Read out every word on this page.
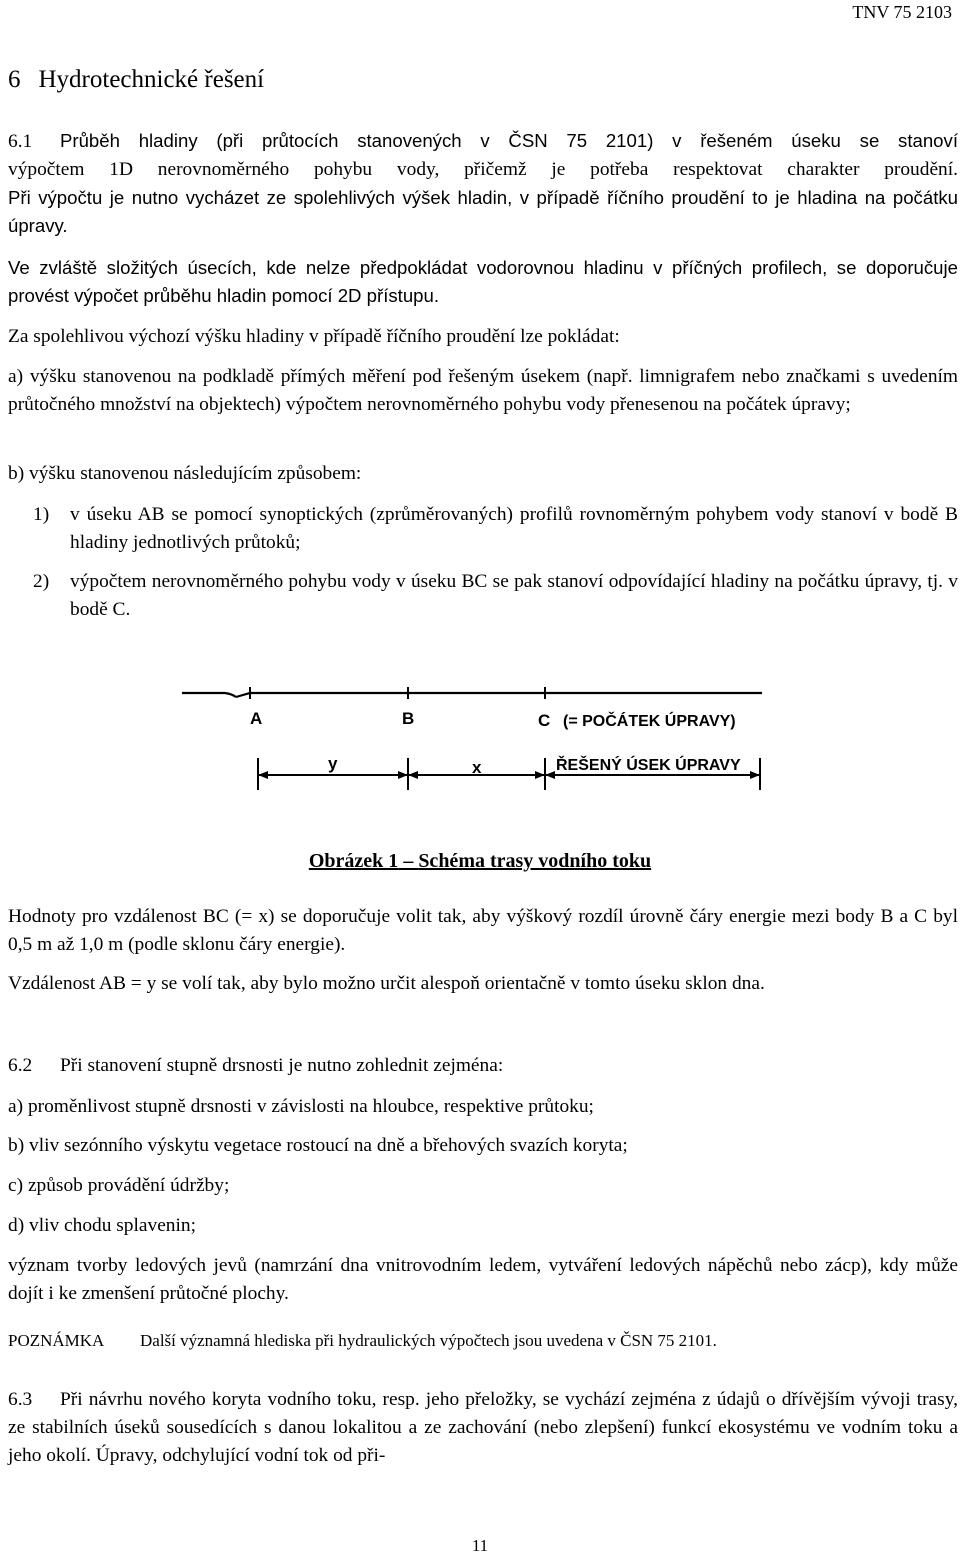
TNV 75 2103
6 Hydrotechnické řešení

6.1 Průběh hladiny (při průtocích stanovených v ČSN 75 2101) v řešeném úseku se stanoví

výpočtem 1D nerovnoměrného pohybu vody, přičemž je potřeba respektovat charakter proudění.

Při výpočtu je nutno vycházet ze spolehlivých výšek hladin, v případě říčního proudění to je hladina na počátku úpravy.

Ve zvláště složitých úsecích, kde nelze předpokládat vodorovnou hladinu v příčných profilech, se doporučuje provést výpočet průběhu hladin pomocí 2D přístupu.

Za spolehlivou výchozí výšku hladiny v případě říčního proudění lze pokládat:

a) výšku stanovenou na podkladě přímých měření pod řešeným úsekem (např. limnigrafem nebo značkami s uvedením průtočného množství na objektech) výpočtem nerovnoměrného pohybu vody přenesenou na počátek úpravy;

b) výšku stanovenou následujícím způsobem:

1)	v úseku AB se pomocí synoptických (zprůměrovaných) profilů rovnoměrným pohybem vody stanoví v bodě B hladiny jednotlivých průtoků;

2)	výpočtem nerovnoměrného pohybu vody v úseku BC se pak stanoví odpovídající hladiny na počátku úpravy, tj. v bodě C.

A	B	C (= POČÁTEK ÚPRAVY)
y	x	ŘEŠENÝ ÚSEK ÚPRAVY
Obrázek 1 – Schéma trasy vodního toku

Hodnoty pro vzdálenost BC (= x) se doporučuje volit tak, aby výškový rozdíl úrovně čáry energie mezi body B a C byl 0,5 m až 1,0 m (podle sklonu čáry energie).

Vzdálenost AB = y se volí tak, aby bylo možno určit alespoň orientačně v tomto úseku sklon dna.

6.2 Při stanovení stupně drsnosti je nutno zohlednit zejména:

a) proměnlivost stupně drsnosti v závislosti na hloubce, respektive průtoku;

b) vliv sezónního výskytu vegetace rostoucí na dně a břehových svazích koryta;

c) způsob provádění údržby;

d) vliv chodu splavenin;

význam tvorby ledových jevů (namrzání dna vnitrovodním ledem, vytváření ledových nápěchů nebo zácp), kdy může dojít i ke zmenšení průtočné plochy.

POZNÁMKA Další významná hlediska při hydraulických výpočtech jsou uvedena v ČSN 75 2101.

6.3 Při návrhu nového koryta vodního toku, resp. jeho přeložky, se vychází zejména z údajů o dřívějším vývoji trasy, ze stabilních úseků sousedících s danou lokalitou a ze zachování (nebo zlepšení) funkcí ekosystému ve vodním toku a jeho okolí. Úpravy, odchylující vodní tok od při-

11
